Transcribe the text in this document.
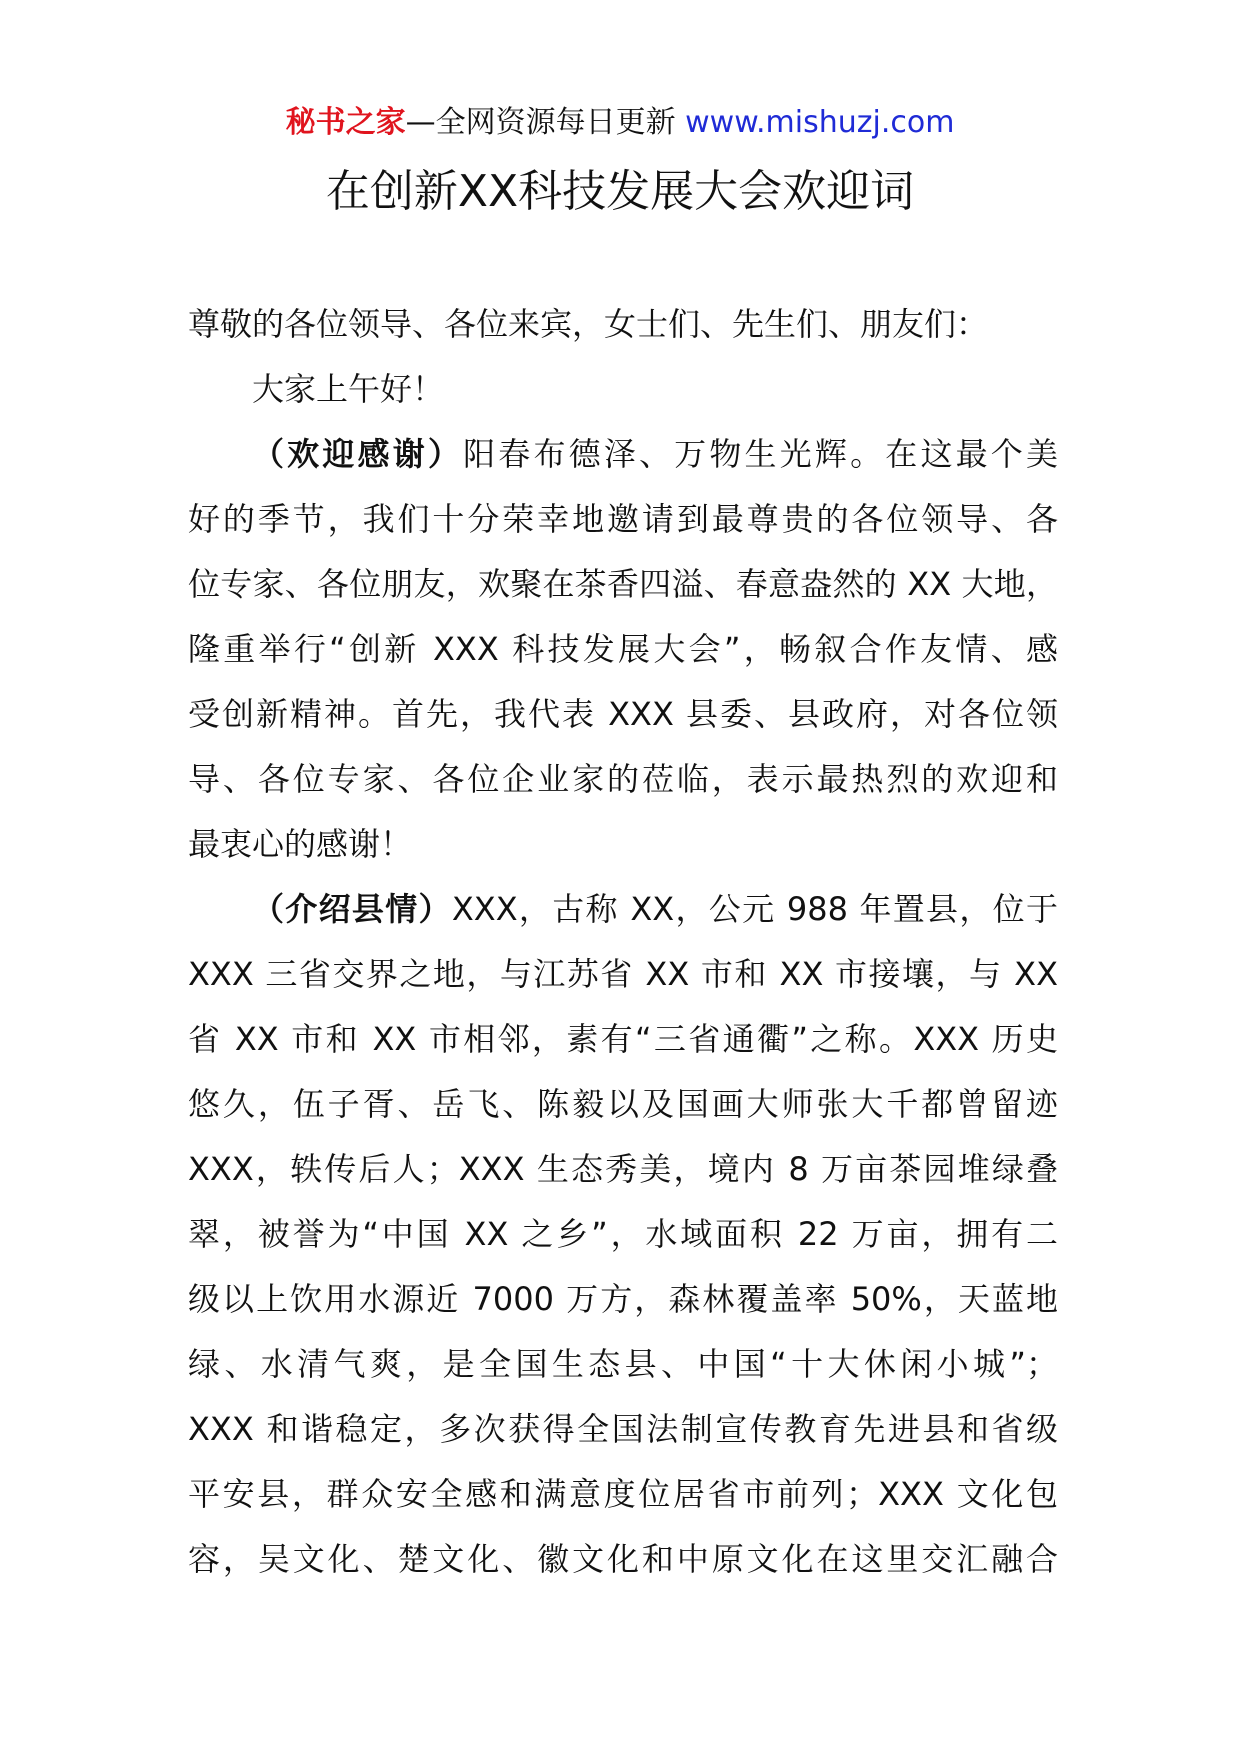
秘书之家—全网资源每日更新 www.mishuzj.com
在创新XX科技发展大会欢迎词
尊敬的各位领导、各位来宾，女士们、先生们、朋友们：
大家上午好！
（欢迎感谢）阳春布德泽、万物生光辉。在这最个美
好的季节，我们十分荣幸地邀请到最尊贵的各位领导、各
位专家、各位朋友，欢聚在茶香四溢、春意盎然的 XX 大地，
隆重举行“创新 XXX 科技发展大会”，畅叙合作友情、感
受创新精神。首先，我代表 XXX 县委、县政府，对各位领
导、各位专家、各位企业家的莅临，表示最热烈的欢迎和
最衷心的感谢！
（介绍县情）XXX，古称 XX，公元 988 年置县，位于
XXX 三省交界之地，与江苏省 XX 市和 XX 市接壤，与 XX
省 XX 市和 XX 市相邻，素有“三省通衢”之称。XXX 历史
悠久，伍子胥、岳飞、陈毅以及国画大师张大千都曾留迹
XXX，轶传后人；XXX 生态秀美，境内 8 万亩茶园堆绿叠
翠，被誉为“中国 XX 之乡”，水域面积 22 万亩，拥有二
级以上饮用水源近 7000 万方，森林覆盖率 50%，天蓝地
绿、水清气爽，是全国生态县、中国“十大休闲小城”；
XXX 和谐稳定，多次获得全国法制宣传教育先进县和省级
平安县，群众安全感和满意度位居省市前列；XXX 文化包
容，吴文化、楚文化、徽文化和中原文化在这里交汇融合
